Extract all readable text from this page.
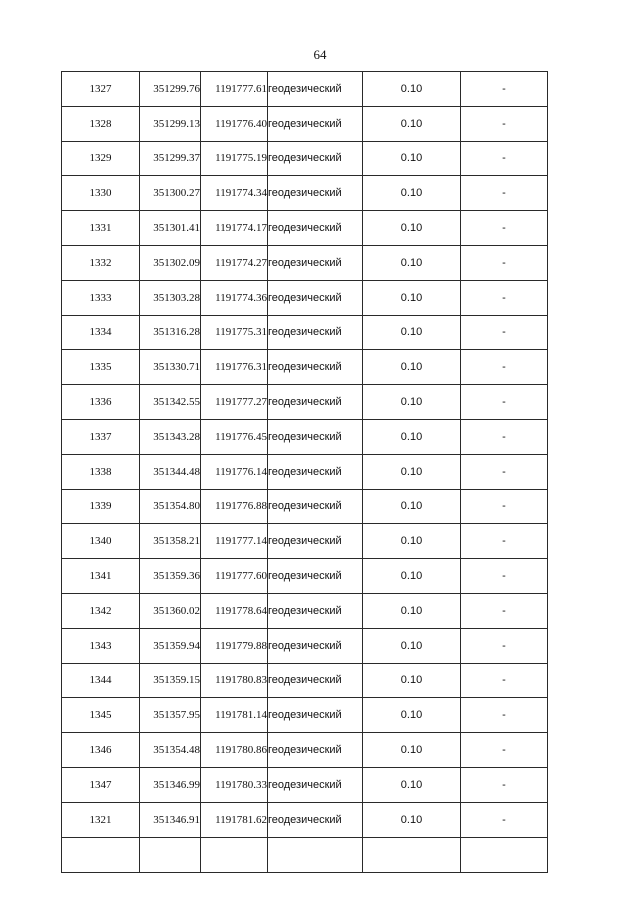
64
1327	351299.76	1191777.61	геодезический	0.10	-
1328	351299.13	1191776.40	геодезический	0.10	-
1329	351299.37	1191775.19	геодезический	0.10	-
1330	351300.27	1191774.34	геодезический	0.10	-
1331	351301.41	1191774.17	геодезический	0.10	-
1332	351302.09	1191774.27	геодезический	0.10	-
1333	351303.28	1191774.36	геодезический	0.10	-
1334	351316.28	1191775.31	геодезический	0.10	-
1335	351330.71	1191776.31	геодезический	0.10	-
1336	351342.55	1191777.27	геодезический	0.10	-
1337	351343.28	1191776.45	геодезический	0.10	-
1338	351344.48	1191776.14	геодезический	0.10	-
1339	351354.80	1191776.88	геодезический	0.10	-
1340	351358.21	1191777.14	геодезический	0.10	-
1341	351359.36	1191777.60	геодезический	0.10	-
1342	351360.02	1191778.64	геодезический	0.10	-
1343	351359.94	1191779.88	геодезический	0.10	-
1344	351359.15	1191780.83	геодезический	0.10	-
1345	351357.95	1191781.14	геодезический	0.10	-
1346	351354.48	1191780.86	геодезический	0.10	-
1347	351346.99	1191780.33	геодезический	0.10	-
1321	351346.91	1191781.62	геодезический	0.10	-
